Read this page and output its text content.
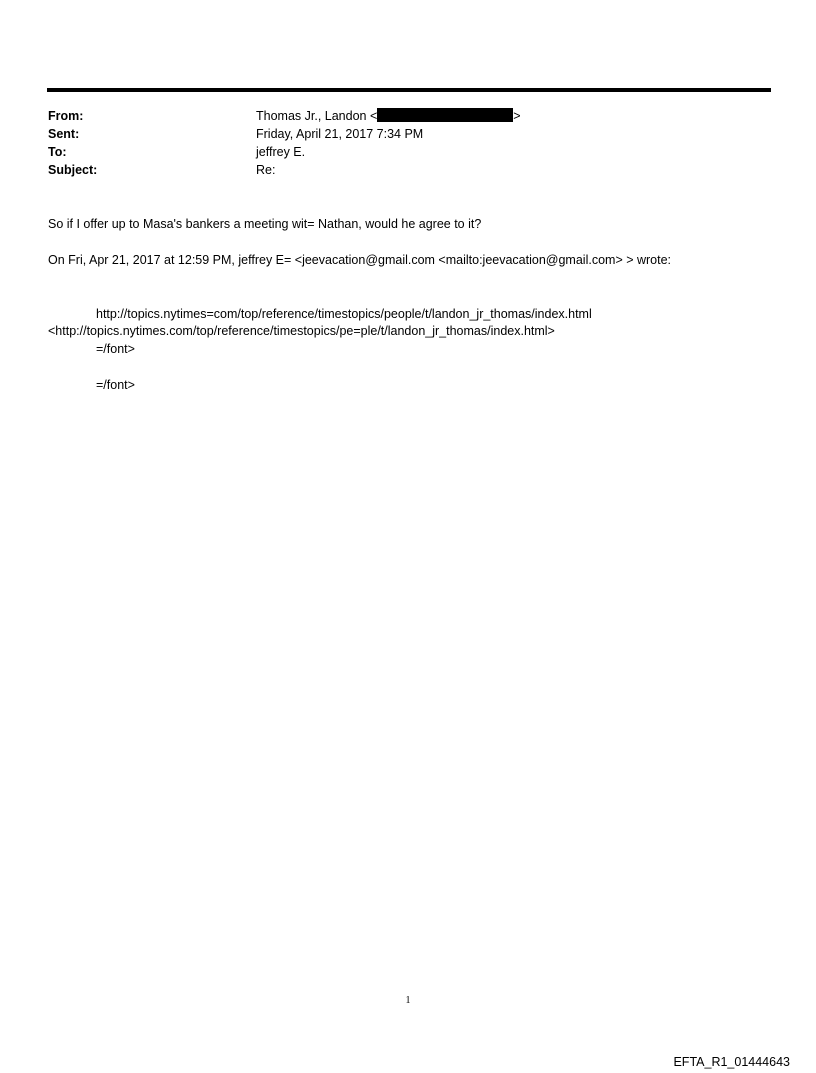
From:	Thomas Jr., Landon <	>
Sent:	Friday, April 21, 2017 7:34 PM
To:	jeffrey E.
Subject:	Re:
So if I offer up to Masa's bankers a meeting wit= Nathan, would he agree to it?
On Fri, Apr 21, 2017 at 12:59 PM, jeffrey E= <jeevacation@gmail.com <mailto:jeevacation@gmail.com> > wrote:
http://topics.nytimes=com/top/reference/timestopics/people/t/landon_jr_thomas/index.html
<http://topics.nytimes.com/top/reference/timestopics/pe=ple/t/landon_jr_thomas/index.html>
=/font>
=/font>
1
EFTA_R1_01444643
